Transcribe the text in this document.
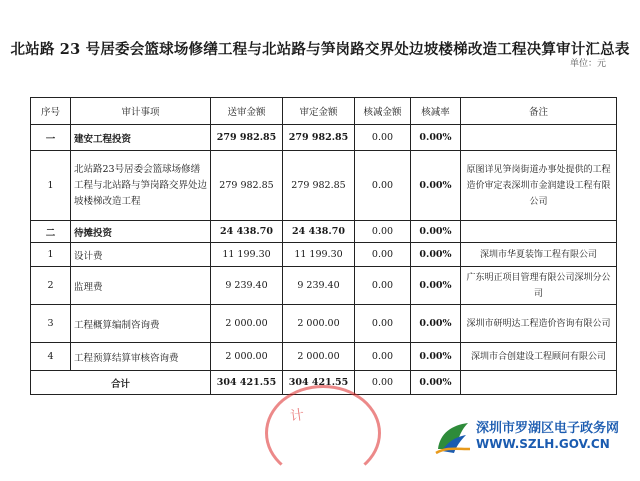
北站路 23 号居委会篮球场修缮工程与北站路与笋岗路交界处边坡楼梯改造工程决算审计汇总表
单位：元
序号	审计事项	送审金额	审定金额	核减金额	核减率	备注
一	建安工程投资	279 982.85	279 982.85	0.00	0.00%	
1	北站路23号居委会篮球场修缮工程与北站路与笋岗路交界处边坡楼梯改造工程	279 982.85	279 982.85	0.00	0.00%	原图详见笋岗街道办事处提供的工程造价审定表深圳市金润建设工程有限公司
二	待摊投资	24 438.70	24 438.70	0.00	0.00%	
1	设计费	11 199.30	11 199.30	0.00	0.00%	深圳市华夏装饰工程有限公司
2	监理费	9 239.40	9 239.40	0.00	0.00%	广东明正项目管理有限公司深圳分公司
3	工程概算编制咨询费	2 000.00	2 000.00	0.00	0.00%	深圳市研明达工程造价咨询有限公司
4	工程预算结算审核咨询费	2 000.00	2 000.00	0.00	0.00%	深圳市合创建设工程顾问有限公司
合计		304 421.55	304 421.55	0.00	0.00%	
计
深圳市罗湖区电子政务网
WWW.SZLH.GOV.CN
